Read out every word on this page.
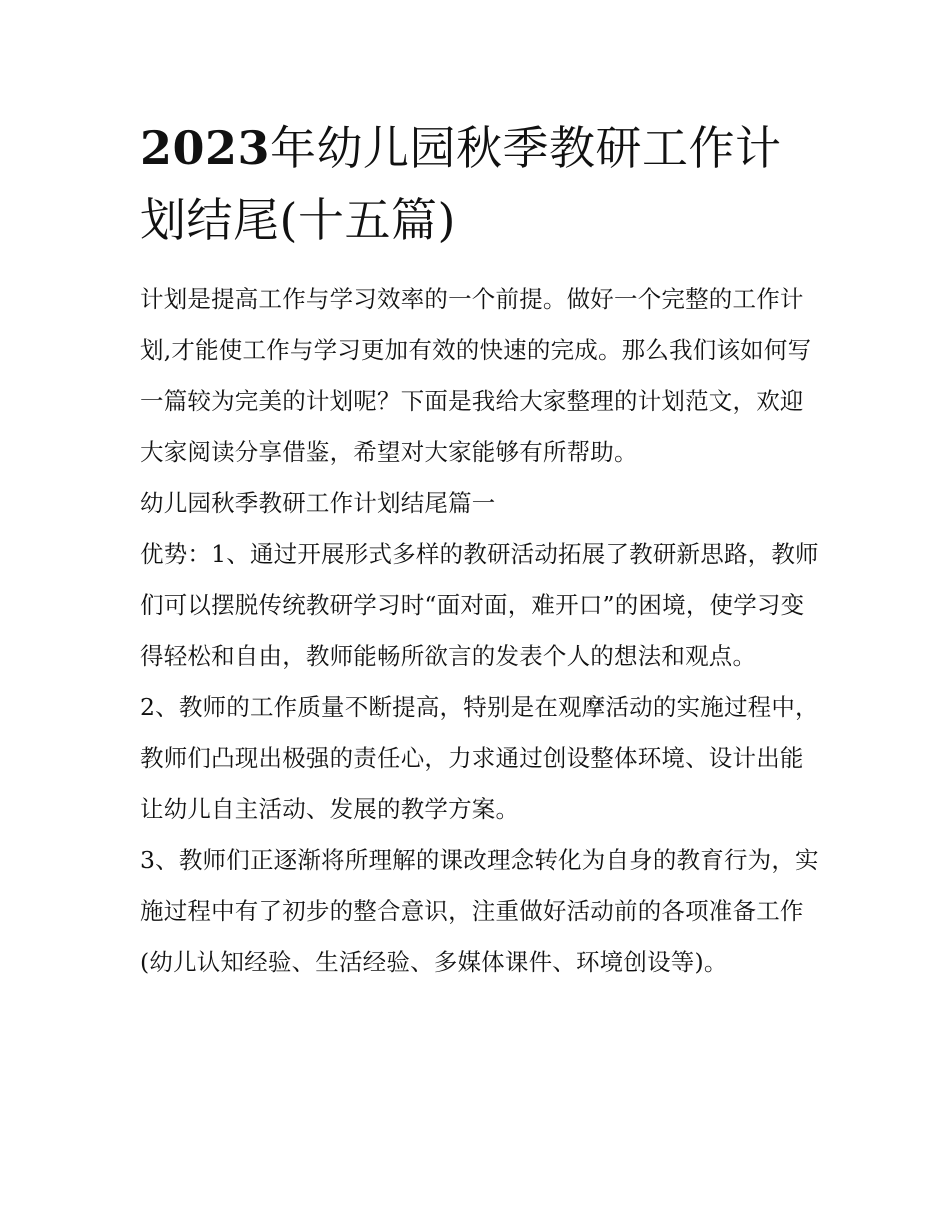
2023年幼儿园秋季教研工作计划结尾(十五篇)

计划是提高工作与学习效率的一个前提。做好一个完整的工作计划,才能使工作与学习更加有效的快速的完成。那么我们该如何写一篇较为完美的计划呢？下面是我给大家整理的计划范文，欢迎大家阅读分享借鉴，希望对大家能够有所帮助。

幼儿园秋季教研工作计划结尾篇一

优势：1、通过开展形式多样的教研活动拓展了教研新思路，教师们可以摆脱传统教研学习时“面对面，难开口”的困境，使学习变得轻松和自由，教师能畅所欲言的发表个人的想法和观点。

2、教师的工作质量不断提高，特别是在观摩活动的实施过程中，教师们凸现出极强的责任心，力求通过创设整体环境、设计出能让幼儿自主活动、发展的教学方案。

3、教师们正逐渐将所理解的课改理念转化为自身的教育行为，实施过程中有了初步的整合意识，注重做好活动前的各项准备工作(幼儿认知经验、生活经验、多媒体课件、环境创设等)。
